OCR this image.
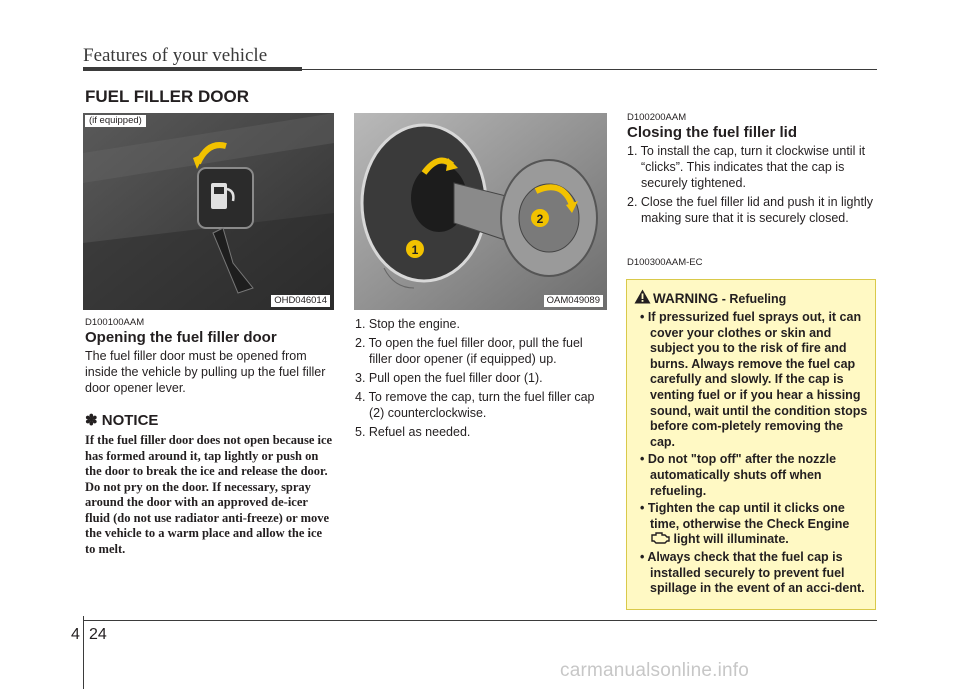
Features of your vehicle
FUEL FILLER DOOR
(if equipped)
OHD046014
1
2
OAM049089
D100100AAM
Opening the fuel filler door
The fuel filler door must be opened from inside the vehicle by pulling up the fuel filler door opener lever.
✽ NOTICE
If the fuel filler door does not open because ice has formed around it, tap lightly or push on the door to break the ice and release the door. Do not pry on the door. If necessary, spray around the door with an approved de-icer fluid (do not use radiator anti-freeze) or move the vehicle to a warm place and allow the ice to melt.
1. Stop the engine.
2. To open the fuel filler door, pull the fuel filler door opener (if equipped) up.
3. Pull open the fuel filler door (1).
4. To remove the cap, turn the fuel filler cap (2) counterclockwise.
5. Refuel as needed.
D100200AAM
Closing the fuel filler lid
1. To install the cap, turn it clockwise until it “clicks”. This indicates that the cap is securely tightened.
2. Close the fuel filler lid and push it in lightly making sure that it is securely closed.
D100300AAM-EC
WARNING - Refueling
• If pressurized fuel sprays out, it can cover your clothes or skin and subject you to the risk of fire and burns. Always remove the fuel cap carefully and slowly. If the cap is venting fuel or if you hear a hissing sound, wait until the condition stops before com-pletely removing the cap.
• Do not "top off" after the nozzle automatically shuts off when refueling.
• Tighten the cap until it clicks one time, otherwise the Check Engine  light will illuminate.
• Always check that the fuel cap is installed securely to prevent fuel spillage in the event of an acci-dent.
4 24
carmanualsonline.info
